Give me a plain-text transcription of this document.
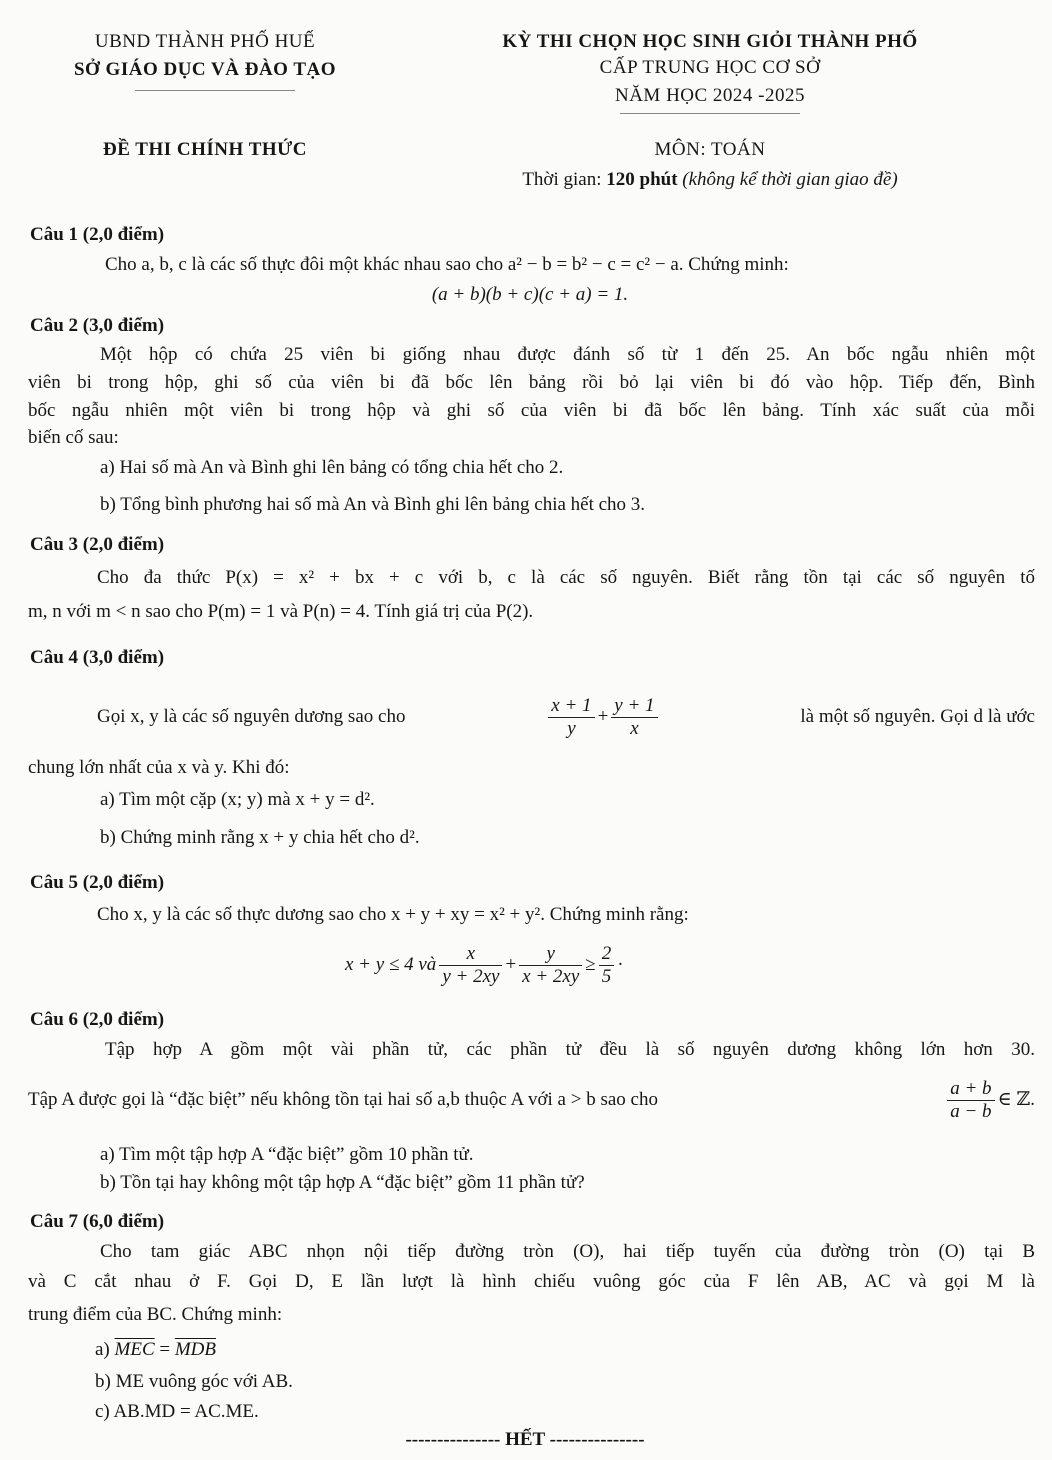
UBND THÀNH PHỐ HUẾ
SỞ GIÁO DỤC VÀ ĐÀO TẠO
KỲ THI CHỌN HỌC SINH GIỎI THÀNH PHỐ
CẤP TRUNG HỌC CƠ SỞ
NĂM HỌC 2024 -2025
ĐỀ THI CHÍNH THỨC	MÔN: TOÁN
Thời gian: 120 phút (không kể thời gian giao đề)
Câu 1 (2,0 điểm)
Cho a, b, c là các số thực đôi một khác nhau sao cho a² − b = b² − c = c² − a. Chứng minh:
(a + b)(b + c)(c + a) = 1.
Câu 2 (3,0 điểm)
Một hộp có chứa 25 viên bi giống nhau được đánh số từ 1 đến 25. An bốc ngẫu nhiên một
viên bi trong hộp, ghi số của viên bi đã bốc lên bảng rồi bỏ lại viên bi đó vào hộp. Tiếp đến, Bình
bốc ngẫu nhiên một viên bi trong hộp và ghi số của viên bi đã bốc lên bảng. Tính xác suất của mỗi
biến cố sau:
a) Hai số mà An và Bình ghi lên bảng có tổng chia hết cho 2.
b) Tổng bình phương hai số mà An và Bình ghi lên bảng chia hết cho 3.
Câu 3 (2,0 điểm)
Cho đa thức P(x) = x² + bx + c với b, c là các số nguyên. Biết rằng tồn tại các số nguyên tố
m, n với m < n sao cho P(m) = 1 và P(n) = 4. Tính giá trị của P(2).
Câu 4 (3,0 điểm)
Gọi x, y là các số nguyên dương sao cho	$\frac{x + 1}{y} + \frac{y + 1}{x}$	là một số nguyên. Gọi d là ước
chung lớn nhất của x và y. Khi đó:
a) Tìm một cặp (x; y) mà x + y = d².
b) Chứng minh rằng x + y chia hết cho d².
Câu 5 (2,0 điểm)
Cho x, y là các số thực dương sao cho x + y + xy = x² + y². Chứng minh rằng:
x + y ≤ 4 và $\frac{x}{y + 2xy} + \frac{y}{x + 2xy} \ge \frac{2}{5}$ ·
Câu 6 (2,0 điểm)
Tập hợp A gồm một vài phần tử, các phần tử đều là số nguyên dương không lớn hơn 30.
Tập A được gọi là “đặc biệt” nếu không tồn tại hai số a,b thuộc A với a > b sao cho	$\frac{a + b}{a - b}$ ∈ ℤ.
a) Tìm một tập hợp A “đặc biệt” gồm 10 phần tử.
b) Tồn tại hay không một tập hợp A “đặc biệt” gồm 11 phần tử?
Câu 7 (6,0 điểm)
Cho tam giác ABC nhọn nội tiếp đường tròn (O), hai tiếp tuyến của đường tròn (O) tại B
và C cắt nhau ở F. Gọi D, E lần lượt là hình chiếu vuông góc của F lên AB, AC và gọi M là
trung điểm của BC. Chứng minh:
a) $\overline{MEC} = \overline{MDB}$
b) ME vuông góc với AB.
c) AB.MD = AC.ME.
--------------- HẾT ---------------
